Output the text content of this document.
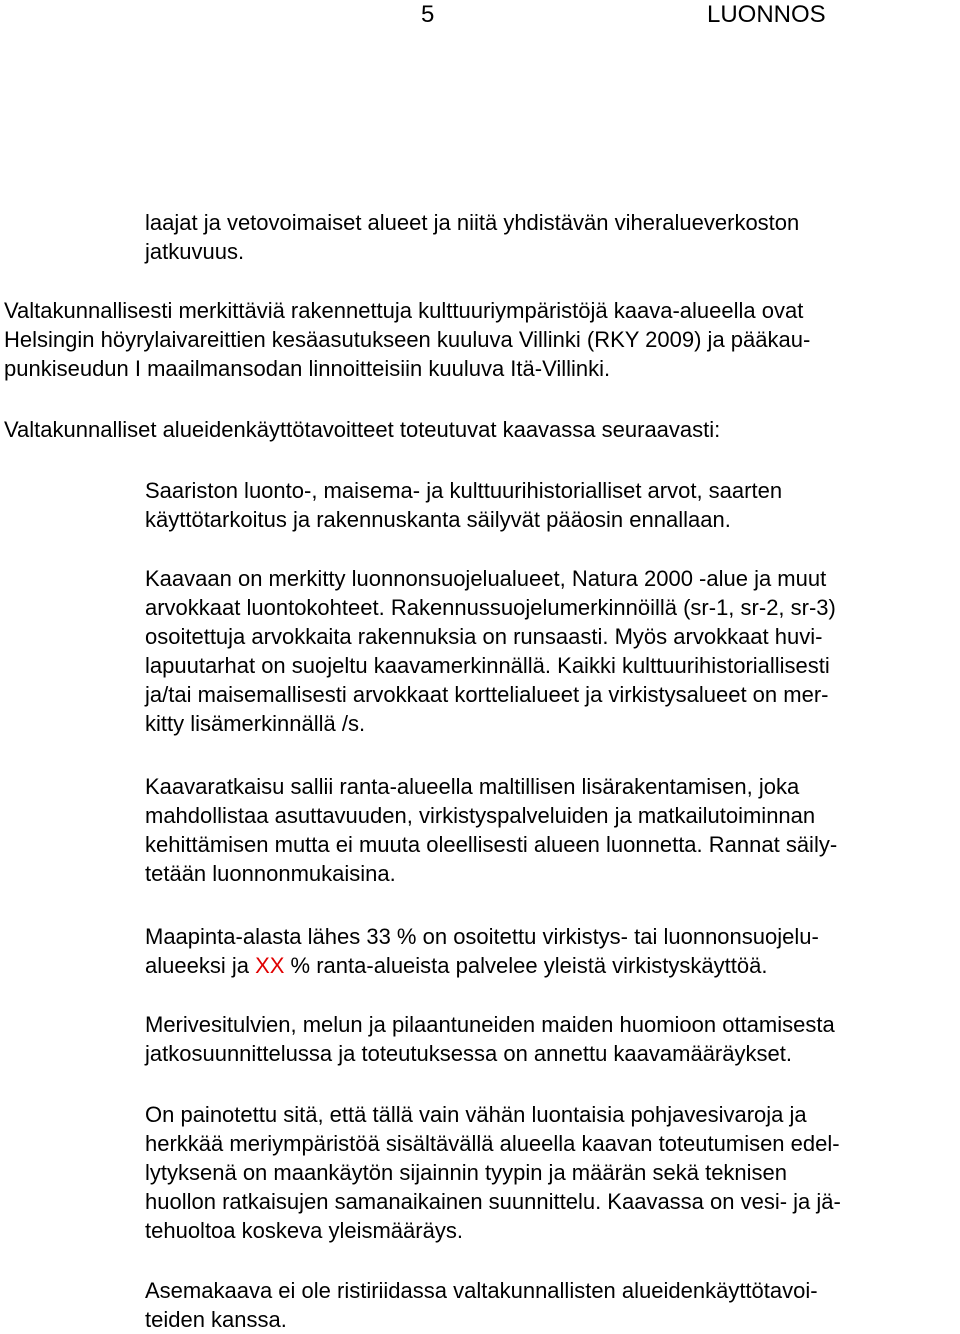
5	LUONNOS

laajat ja vetovoimaiset alueet ja niitä yhdistävän viheralueverkoston
jatkuvuus.

Valtakunnallisesti merkittäviä rakennettuja kulttuuriympäristöjä kaava-alueella ovat
Helsingin höyrylaivareittien kesäasutukseen kuuluva Villinki (RKY 2009) ja pääkau-
punkiseudun I maailmansodan linnoitteisiin kuuluva Itä-Villinki.

Valtakunnalliset alueidenkäyttötavoitteet toteutuvat kaavassa seuraavasti:

Saariston luonto-, maisema- ja kulttuurihistorialliset arvot, saarten
käyttötarkoitus ja rakennuskanta säilyvät pääosin ennallaan.

Kaavaan on merkitty luonnonsuojelualueet, Natura 2000 -alue ja muut
arvokkaat luontokohteet. Rakennussuojelumerkinnöillä (sr-1, sr-2, sr-3)
osoitettuja arvokkaita rakennuksia on runsaasti. Myös arvokkaat huvi-
lapuutarhat on suojeltu kaavamerkinnällä. Kaikki kulttuurihistoriallisesti
ja/tai maisemallisesti arvokkaat korttelialueet ja virkistysalueet on mer-
kitty lisämerkinnällä /s.

Kaavaratkaisu sallii ranta-alueella maltillisen lisärakentamisen, joka
mahdollistaa asuttavuuden, virkistyspalveluiden ja matkailutoiminnan
kehittämisen mutta ei muuta oleellisesti alueen luonnetta. Rannat säily-
tetään luonnonmukaisina.

Maapinta-alasta lähes 33 % on osoitettu virkistys- tai luonnonsuojelu-
alueeksi ja XX % ranta-alueista palvelee yleistä virkistyskäyttöä.

Merivesitulvien, melun ja pilaantuneiden maiden huomioon ottamisesta
jatkosuunnittelussa ja toteutuksessa on annettu kaavamääräykset.

On painotettu sitä, että tällä vain vähän luontaisia pohjavesivaroja ja
herkkää meriympäristöä sisältävällä alueella kaavan toteutumisen edel-
lytyksenä on maankäytön sijainnin tyypin ja määrän sekä teknisen
huollon ratkaisujen samanaikainen suunnittelu. Kaavassa on vesi- ja jä-
tehuoltoa koskeva yleismääräys.

Asemakaava ei ole ristiriidassa valtakunnallisten alueidenkäyttötavoi-
teiden kanssa.
